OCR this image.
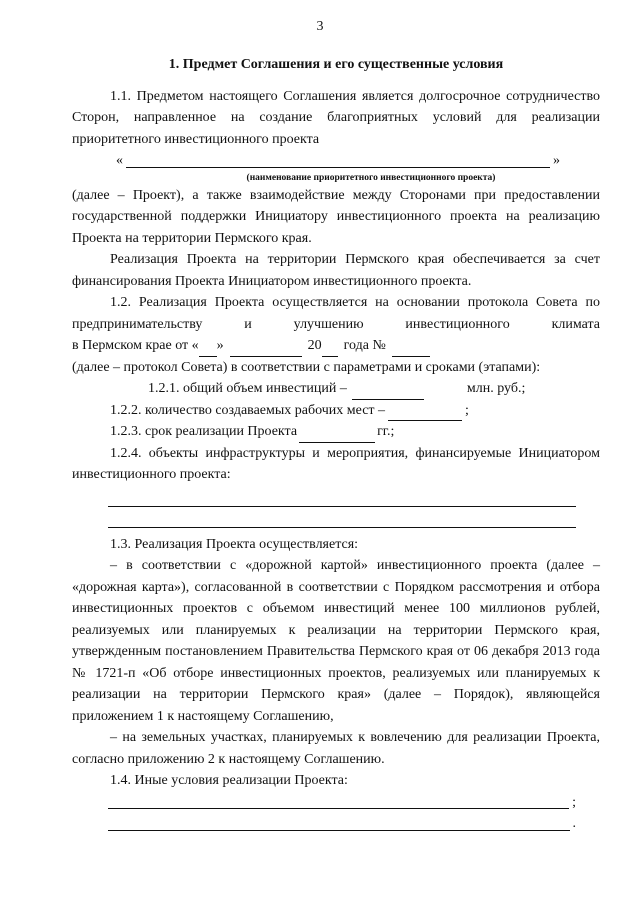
3
1. Предмет Соглашения и его существенные условия

1.1. Предметом настоящего Соглашения является долгосрочное сотрудничество Сторон, направленное на создание благоприятных условий для реализации приоритетного инвестиционного проекта

«	»
(наименование приоритетного инвестиционного проекта)

(далее – Проект), а также взаимодействие между Сторонами при предоставлении государственной поддержки Инициатору инвестиционного проекта на реализацию Проекта на территории Пермского края.

Реализация Проекта на территории Пермского края обеспечивается за счет финансирования Проекта Инициатором инвестиционного проекта.

1.2. Реализация Проекта осуществляется на основании протокола Совета по предпринимательству и улучшению инвестиционного климата

в Пермском крае от « »	20 года №

(далее – протокол Совета) в соответствии с параметрами и сроками (этапами):

1.2.1. общий объем инвестиций –	млн. руб.;
1.2.2. количество создаваемых рабочих мест –	;
1.2.3. срок реализации Проекта	гг.;

1.2.4. объекты инфраструктуры и мероприятия, финансируемые Инициатором инвестиционного проекта:

1.3. Реализация Проекта осуществляется:

– в соответствии с «дорожной картой» инвестиционного проекта (далее – «дорожная карта»), согласованной в соответствии с Порядком рассмотрения и отбора инвестиционных проектов с объемом инвестиций менее 100 миллионов рублей, реализуемых или планируемых к реализации на территории Пермского края, утвержденным постановлением Правительства Пермского края от 06 декабря 2013 года № 1721-п «Об отборе инвестиционных проектов, реализуемых или планируемых к реализации на территории Пермского края» (далее – Порядок), являющейся приложением 1 к настоящему Соглашению,

– на земельных участках, планируемых к вовлечению для реализации Проекта, согласно приложению 2 к настоящему Соглашению.

1.4. Иные условия реализации Проекта:

;
.
